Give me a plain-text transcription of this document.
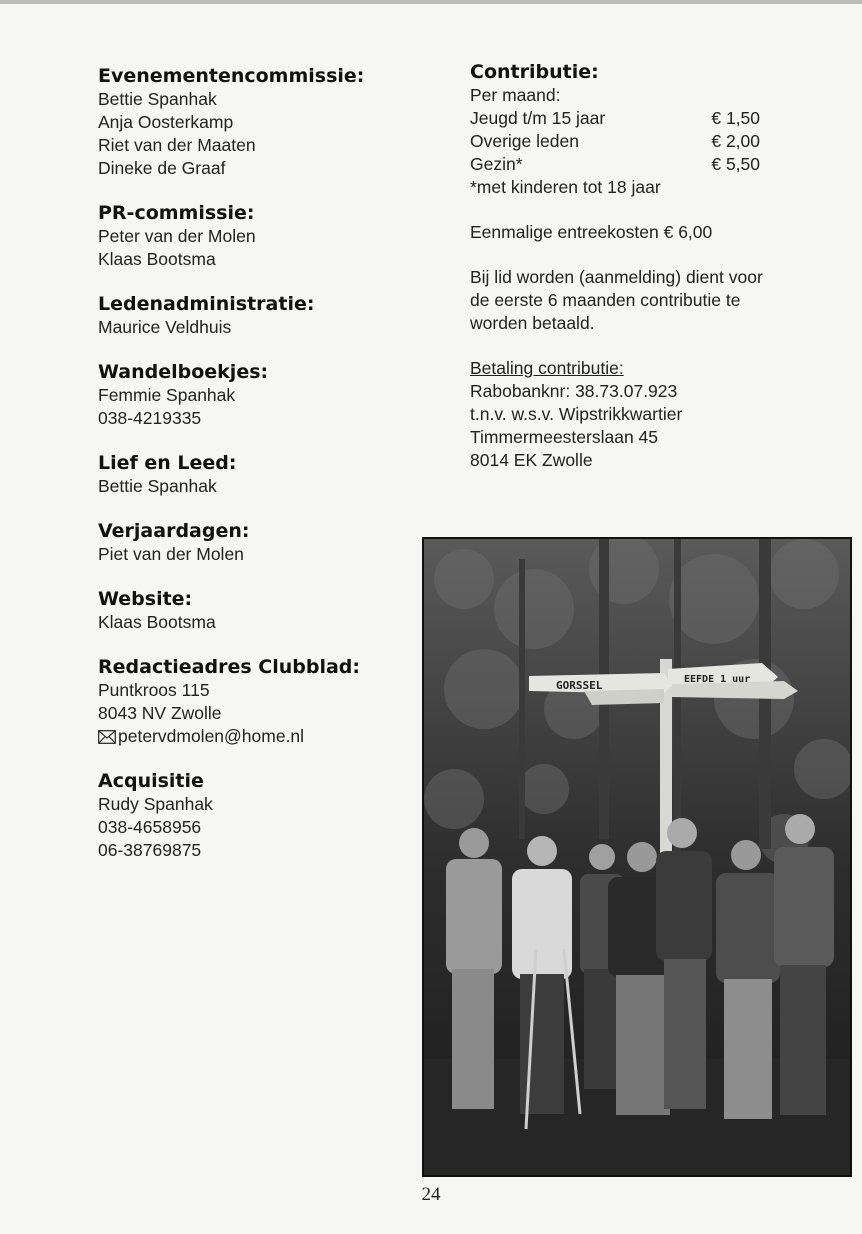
Evenementencommissie:
Bettie Spanhak
Anja Oosterkamp
Riet van der Maaten
Dineke de Graaf
PR-commissie:
Peter van der Molen
Klaas Bootsma
Ledenadministratie:
Maurice Veldhuis
Wandelboekjes:
Femmie Spanhak
038-4219335
Lief en Leed:
Bettie Spanhak
Verjaardagen:
Piet van der Molen
Website:
Klaas Bootsma
Redactieadres Clubblad:
Puntkroos 115
8043 NV Zwolle
petervdmolen@home.nl
Acquisitie
Rudy Spanhak
038-4658956
06-38769875
Contributie:
Per maand:
Jeugd t/m 15 jaar	€ 1,50
Overige leden	€ 2,00
Gezin*	€ 5,50
*met kinderen tot 18 jaar
Eenmalige entreekosten € 6,00
Bij lid worden (aanmelding) dient voor
de eerste 6 maanden contributie te
worden betaald.
Betaling contributie:
Rabobanknr: 38.73.07.923
t.n.v. w.s.v. Wipstrikkwartier
Timmermeesterslaan 45
8014 EK Zwolle
GORSSEL	EEFDE 1 uur
24
